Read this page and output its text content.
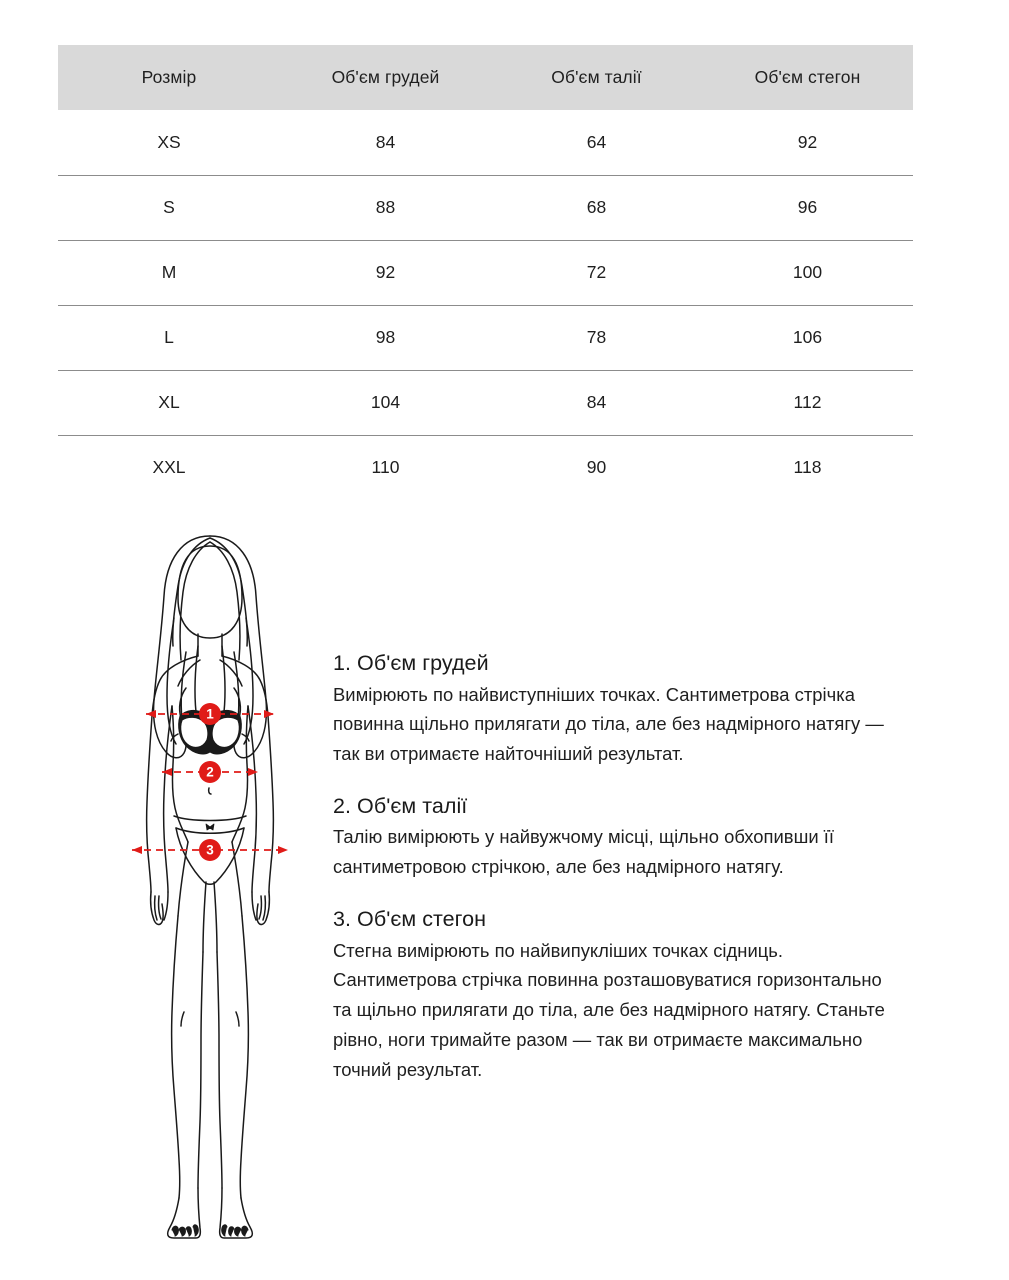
Розмір	Об'єм грудей	Об'єм талії	Об'єм стегон
XS	84	64	92
S	88	68	96
M	92	72	100
L	98	78	106
XL	104	84	112
XXL	110	90	118
1
2
3
1. Об'єм грудей
Вимірюють по найвиступніших точках. Сантиметрова стрічка повинна щільно прилягати до тіла, але без надмірного натягу — так ви отримаєте найточніший результат.
2. Об'єм талії
Талію вимірюють у найвужчому місці, щільно обхопивши її сантиметровою стрічкою, але без надмірного натягу.
3. Об'єм стегон
Стегна вимірюють по найвипукліших точках сідниць. Сантиметрова стрічка повинна розташовуватися горизонтально та щільно прилягати до тіла, але без надмірного натягу. Станьте рівно, ноги тримайте разом — так ви отримаєте максимально точний результат.
